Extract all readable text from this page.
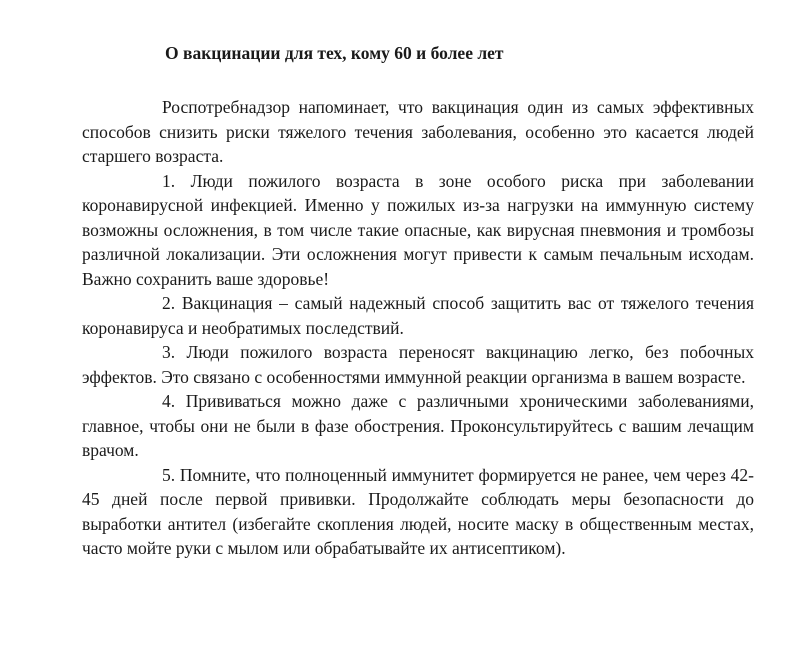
О вакцинации для тех, кому 60 и более лет

Роспотребнадзор напоминает, что вакцинация один из самых эффективных способов снизить риски тяжелого течения заболевания, особенно это касается людей старшего возраста.

1. Люди пожилого возраста в зоне особого риска при заболевании коронавирусной инфекцией. Именно у пожилых из-за нагрузки на иммунную систему возможны осложнения, в том числе такие опасные, как вирусная пневмония и тромбозы различной локализации. Эти осложнения могут привести к самым печальным исходам. Важно сохранить ваше здоровье!

2. Вакцинация – самый надежный способ защитить вас от тяжелого течения коронавируса и необратимых последствий.

3. Люди пожилого возраста переносят вакцинацию легко, без побочных эффектов. Это связано с особенностями иммунной реакции организма в вашем возрасте.

4. Прививаться можно даже с различными хроническими заболеваниями, главное, чтобы они не были в фазе обострения. Проконсультируйтесь с вашим лечащим врачом.

5. Помните, что полноценный иммунитет формируется не ранее, чем через 42-45 дней после первой прививки. Продолжайте соблюдать меры безопасности до выработки антител (избегайте скопления людей, носите маску в общественным местах, часто мойте руки с мылом или обрабатывайте их антисептиком).
